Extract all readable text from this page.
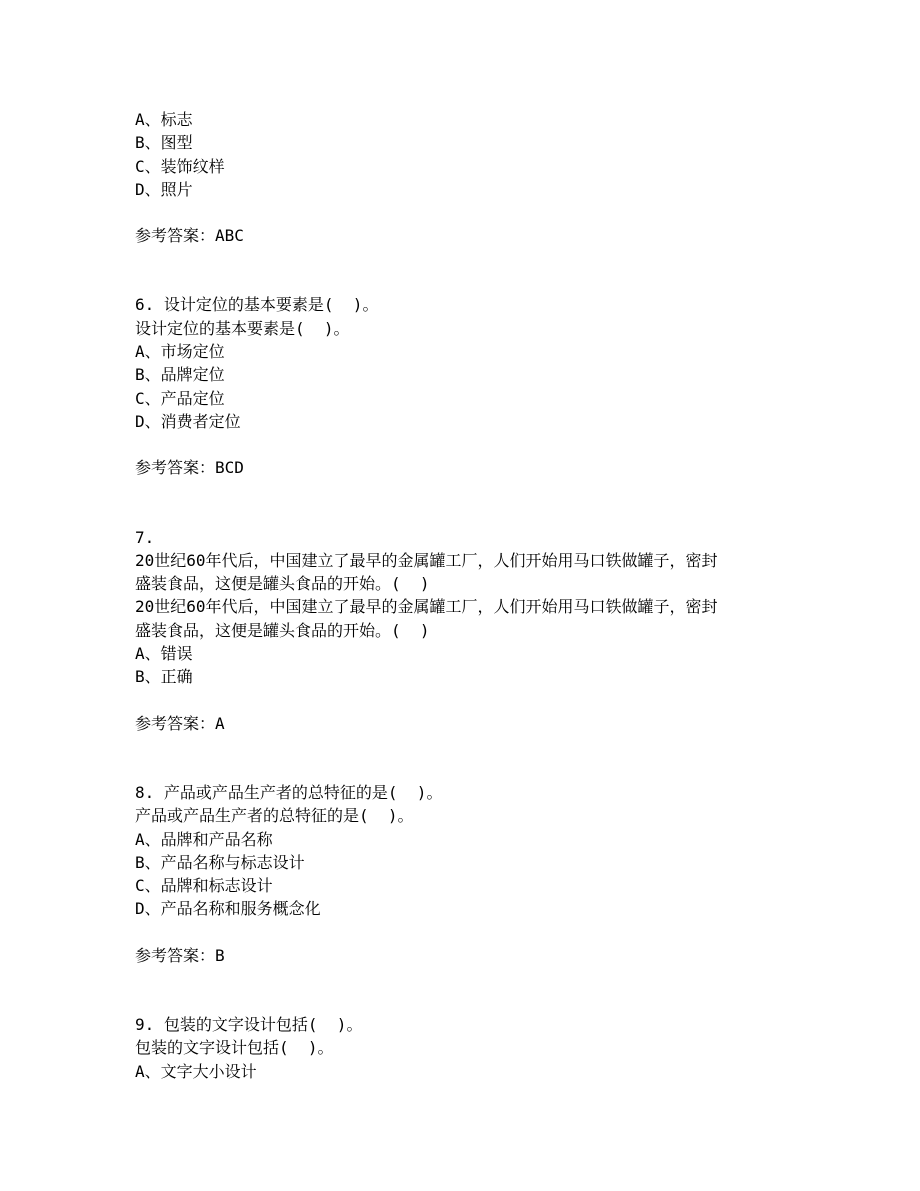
A、标志
B、图型
C、装饰纹样
D、照片
参考答案：ABC
6. 设计定位的基本要素是(  )。
设计定位的基本要素是(  )。
A、市场定位
B、品牌定位
C、产品定位
D、消费者定位
参考答案：BCD
7.
20世纪60年代后，中国建立了最早的金属罐工厂，人们开始用马口铁做罐子，密封
盛装食品，这便是罐头食品的开始。(  )
20世纪60年代后，中国建立了最早的金属罐工厂，人们开始用马口铁做罐子，密封
盛装食品，这便是罐头食品的开始。(  )
A、错误
B、正确
参考答案：A
8. 产品或产品生产者的总特征的是(  )。
产品或产品生产者的总特征的是(  )。
A、品牌和产品名称
B、产品名称与标志设计
C、品牌和标志设计
D、产品名称和服务概念化
参考答案：B
9. 包装的文字设计包括(  )。
包装的文字设计包括(  )。
A、文字大小设计
